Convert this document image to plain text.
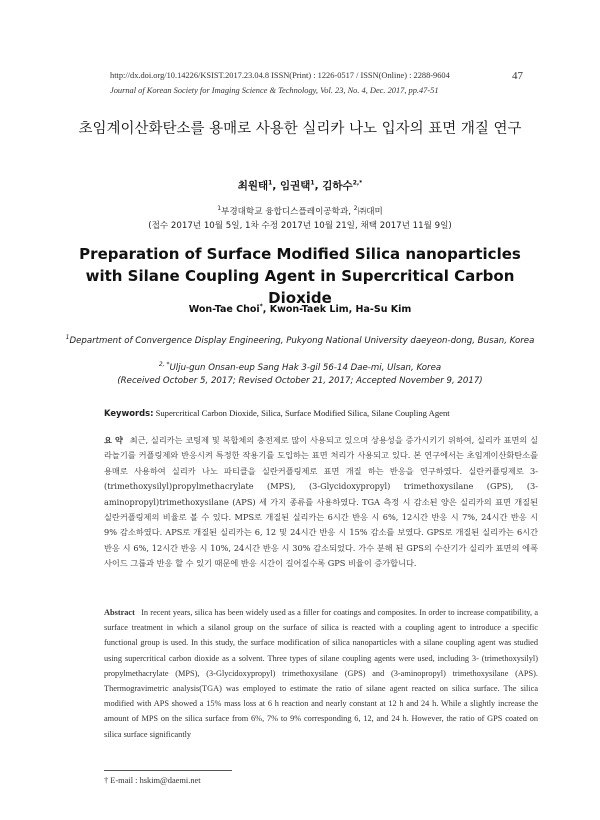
http://dx.doi.org/10.14226/KSIST.2017.23.04.8 ISSN(Print) : 1226-0517 / ISSN(Online) : 2288-9604
Journal of Korean Society for Imaging Science & Technology, Vol. 23, No. 4, Dec. 2017, pp.47-51
47
초임계이산화탄소를 용매로 사용한 실리카 나노 입자의 표면 개질 연구
최원태$^1$, 임권택$^1$, 김하수$^{2,*}$
$^1$부경대학교 융합디스플레이공학과, $^2$㈜대미
(접수 2017년 10월 5일, 1차 수정 2017년 10월 21일, 채택 2017년 11월 9일)
Preparation of Surface Modified Silica nanoparticles with Silane Coupling Agent in Supercritical Carbon Dioxide
Won-Tae Choi*, Kwon-Taek Lim, Ha-Su Kim
$^1$Department of Convergence Display Engineering, Pukyong National University daeyeon-dong, Busan, Korea
$^{2, *}$Ulju-gun Onsan-eup Sang Hak 3-gil 56-14 Dae-mi, Ulsan, Korea
(Received October 5, 2017; Revised October 21, 2017; Accepted November 9, 2017)
Keywords: Supercritical Carbon Dioxide, Silica, Surface Modified Silica, Silane Coupling Agent
요 약 최근, 실리카는 코팅제 및 복합체의 충전제로 많이 사용되고 있으며 상용성을 증가시키기 위하여, 실리카 표면의 실라놀기를 커플링제와 반응시켜 특정한 작용기를 도입하는 표면 처리가 사용되고 있다. 본 연구에서는 초임계이산화탄소를 용매로 사용하여 실리카 나노 파티클을 실란커플링제로 표면 개질 하는 반응을 연구하였다. 실란커플링제로 3-(trimethoxysilyl)propylmethacrylate (MPS), (3-Glycidoxypropyl) trimethoxysilane (GPS), (3-aminopropyl)trimethoxysilane (APS) 세 가지 종류를 사용하였다. TGA 측정 시 감소된 양은 실리카의 표면 개질된 실란커플링제의 비율로 볼 수 있다. MPS로 개질된 실리카는 6시간 반응 시 6%, 12시간 반응 시 7%, 24시간 반응 시 9% 감소하였다. APS로 개질된 실리카는 6, 12 및 24시간 반응 시 15% 감소를 보였다. GPS로 개질된 실리카는 6시간 반응 시 6%, 12시간 반응 시 10%, 24시간 반응 시 30% 감소되었다. 가수 분해 된 GPS의 수산기가 실리카 표면의 에폭사이드 그룹과 반응 할 수 있기 때문에 반응 시간이 길어질수록 GPS 비율이 증가합니다.
Abstract In recent years, silica has been widely used as a filler for coatings and composites. In order to increase compatibility, a surface treatment in which a silanol group on the surface of silica is reacted with a coupling agent to introduce a specific functional group is used. In this study, the surface modification of silica nanoparticles with a silane coupling agent was studied using supercritical carbon dioxide as a solvent. Three types of silane coupling agents were used, including 3- (trimethoxysilyl) propylmethacrylate (MPS), (3-Glycidoxypropyl) trimethoxysilane (GPS) and (3-aminopropyl) trimethoxysilane (APS). Thermogravimetric analysis(TGA) was employed to estimate the ratio of silane agent reacted on silica surface. The silica modified with APS showed a 15% mass loss at 6 h reaction and nearly constant at 12 h and 24 h. While a slightly increase the amount of MPS on the silica surface from 6%, 7% to 9% corresponding 6, 12, and 24 h. However, the ratio of GPS coated on silica surface significantly
† E-mail : hskim@daemi.net
